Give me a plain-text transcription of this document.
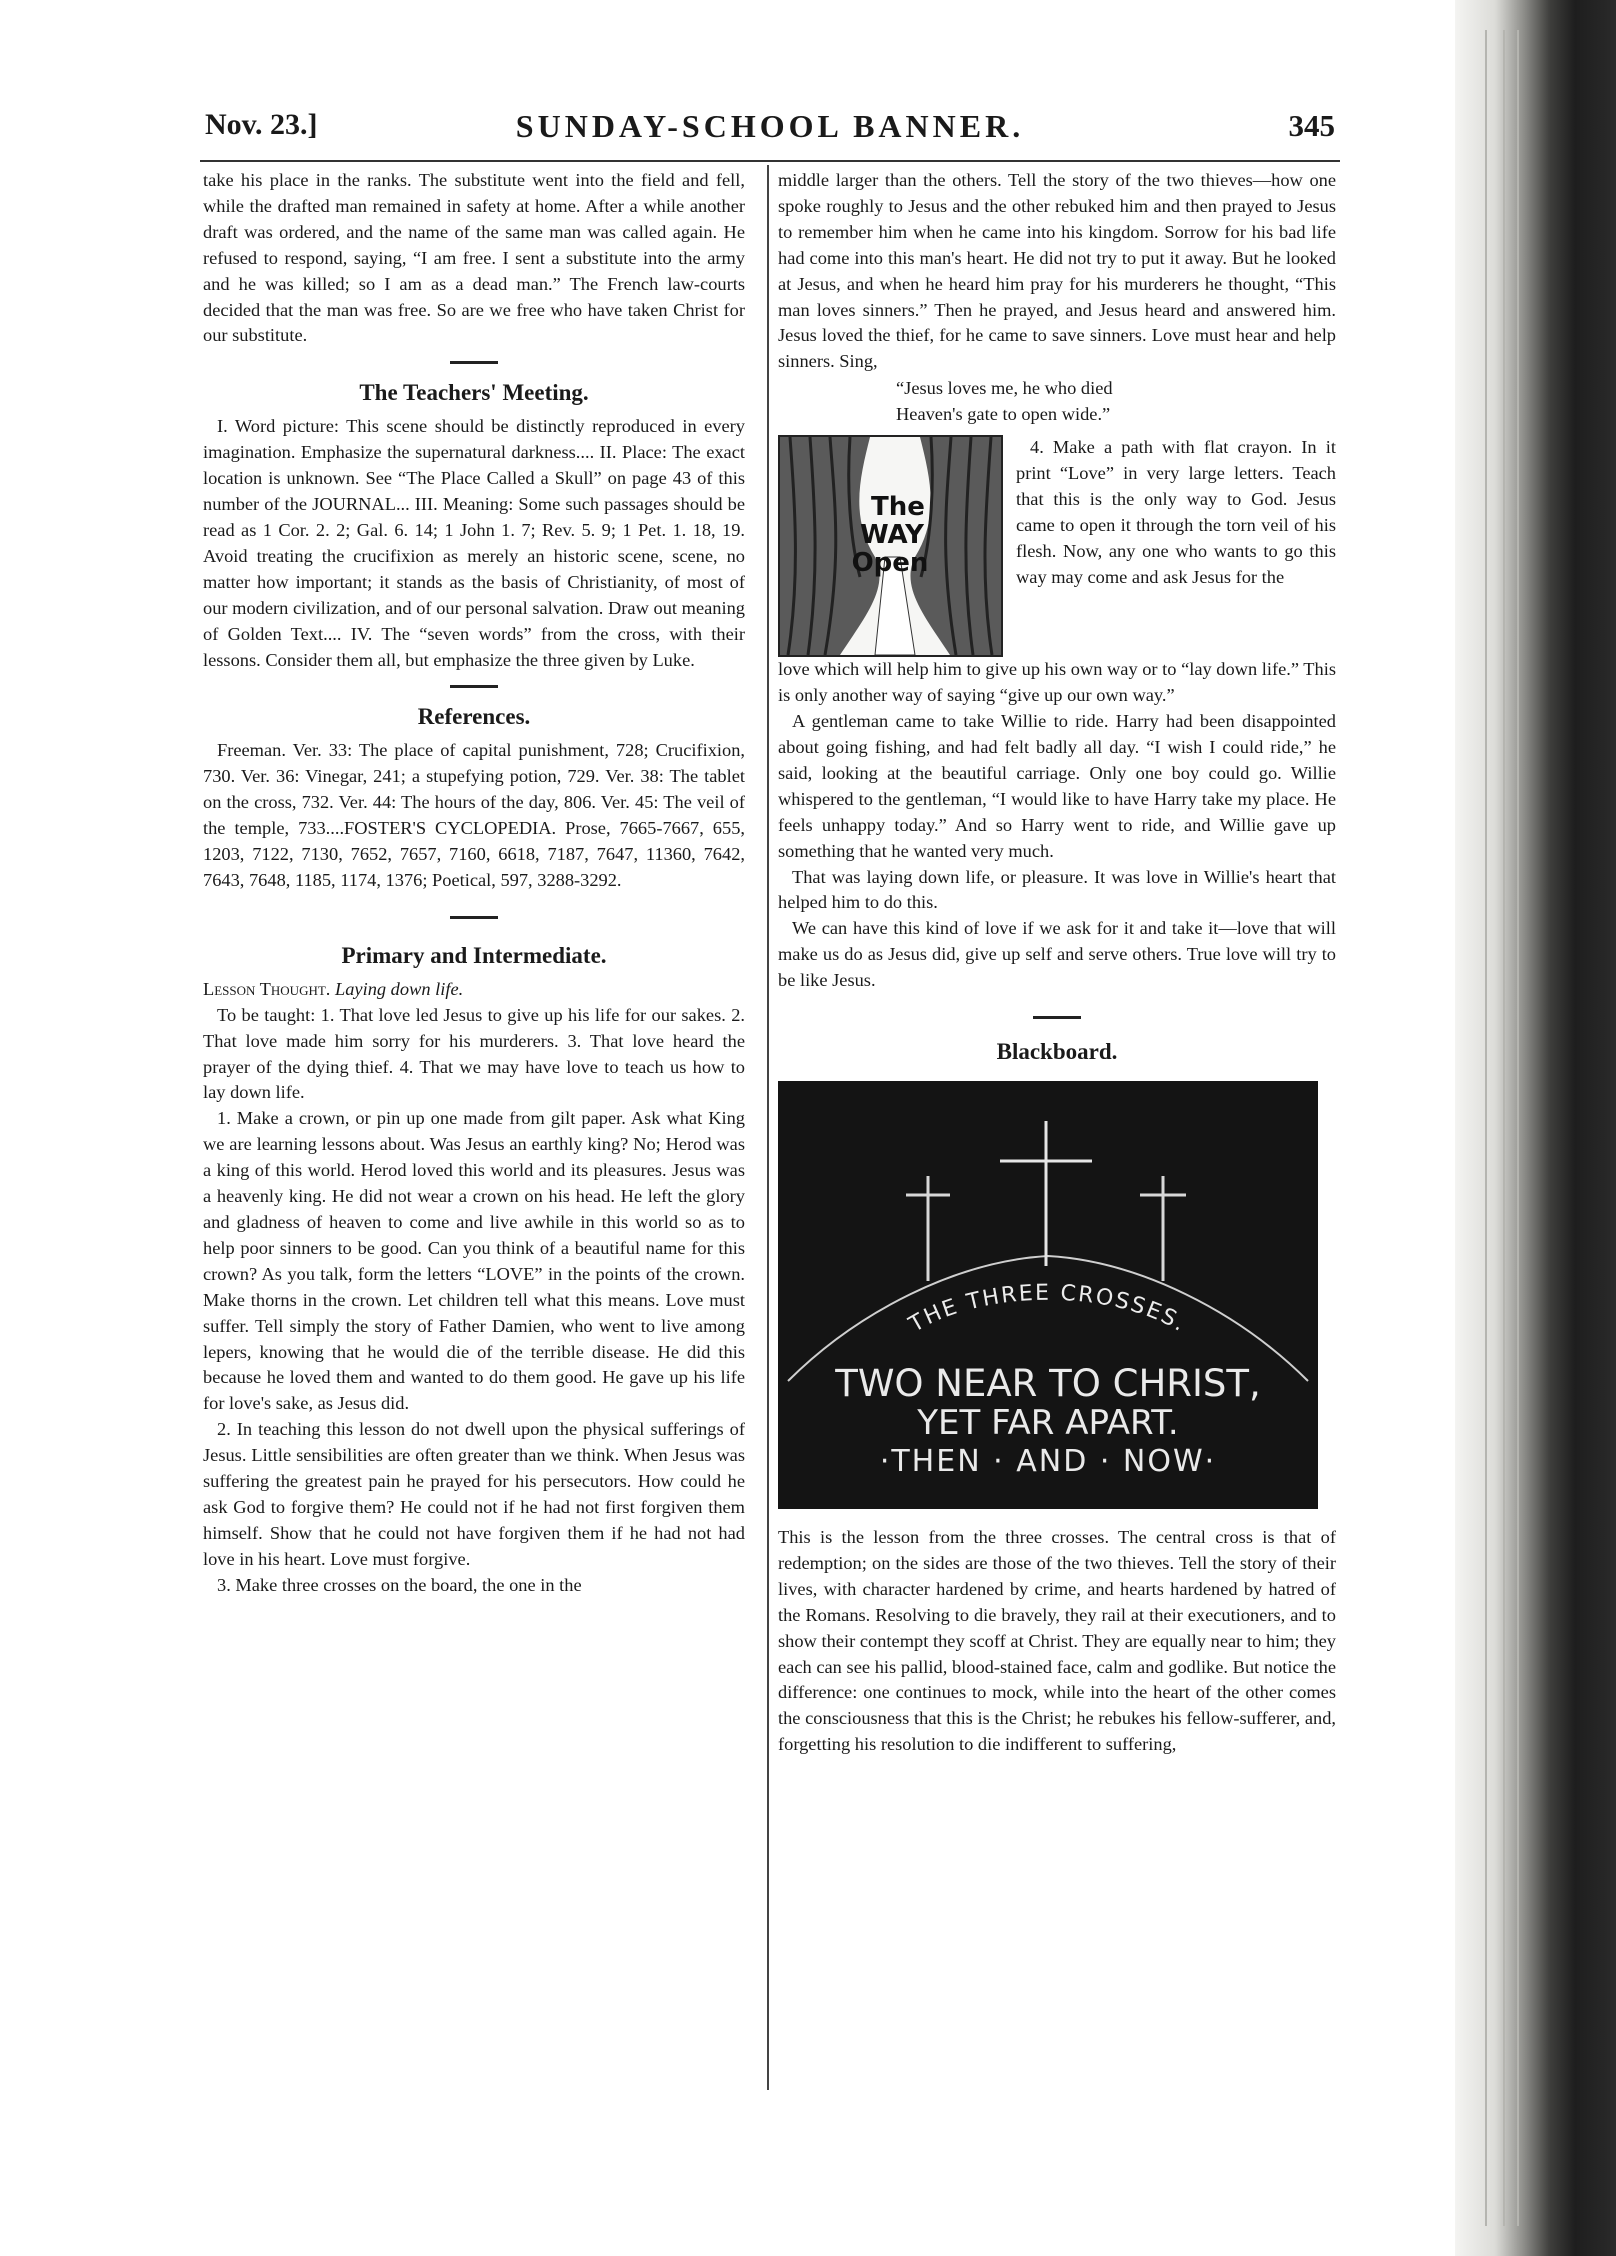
Nov. 23.]	SUNDAY-SCHOOL BANNER.	345

take his place in the ranks. The substitute went into the field and fell, while the drafted man remained in safety at home. After a while another draft was ordered, and the name of the same man was called again. He refused to respond, saying, “I am free. I sent a substitute into the army and he was killed; so I am as a dead man.” The French law-courts decided that the man was free. So are we free who have taken Christ for our substitute.

The Teachers' Meeting.

I. Word picture: This scene should be distinctly reproduced in every imagination. Emphasize the supernatural darkness.... II. Place: The exact location is unknown. See “The Place Called a Skull” on page 4​3 of this number of the JOURNAL... III. Meaning: Some such passages should be read as 1 Cor. 2. 2; Gal. 6. 14; 1 John 1. 7; Rev. 5. 9; 1 Pet. 1. 18, 19. Avoid treating the crucifixion as merely an historic scene, scene, no matter how important; it stands as the basis of Christianity, of most of our modern civilization, and of our personal salvation. Draw out meaning of Golden Text.... IV. The “seven words” from the cross, with their lessons. Consider them all, but emphasize the three given by Luke.

References.

Freeman. Ver. 33: The place of capital punishment, 728; Crucifixion, 730. Ver. 36: Vinegar, 241; a stupefying potion, 729. Ver. 38: The tablet on the cross, 732. Ver. 44: The hours of the day, 806. Ver. 45: The veil of the temple, 733....FOSTER'S CYCLOPEDIA. Prose, 7665-7667, 655, 1203, 7122, 7130, 7652, 7657, 7160, 6618, 7187, 7647, 11360, 7642, 7643, 7648, 1185, 1174, 1376; Poetical, 597, 3288-3292.

Primary and Intermediate.

Lesson Thought. Laying down life.

To be taught: 1. That love led Jesus to give up his life for our sakes. 2. That love made him sorry for his murderers. 3. That love heard the prayer of the dying thief. 4. That we may have love to teach us how to lay down life.

1. Make a crown, or pin up one made from gilt paper. Ask what King we are learning lessons about. Was Jesus an earthly king? No; Herod was a king of this world. Herod loved this world and its pleasures. Jesus was a heavenly king. He did not wear a crown on his head. He left the glory and gladness of heaven to come and live awhile in this world so as to help poor sinners to be good. Can you think of a beautiful name for this crown? As you talk, form the letters “LOVE” in the points of the crown. Make thorns in the crown. Let children tell what this means. Love must suffer. Tell simply the story of Father Damien, who went to live among lepers, knowing that he would die of the terrible disease. He did this because he loved them and wanted to do them good. He gave up his life for love's sake, as Jesus did.

2. In teaching this lesson do not dwell upon the physical sufferings of Jesus. Little sensibilities are often greater than we think. When Jesus was suffering the greatest pain he prayed for his persecutors. How could he ask God to forgive them? He could not if he had not first forgiven them himself. Show that he could not have forgiven them if he had not had love in his heart. Love must forgive.

3. Make three crosses on the board, the one in the

middle larger than the others. Tell the story of the two thieves—how one spoke roughly to Jesus and the other rebuked him and then prayed to Jesus to remember him when he came into his kingdom. Sorrow for his bad life had come into this man's heart. He did not try to put it away. But he looked at Jesus, and when he heard him pray for his murderers he thought, “This man loves sinners.” Then he prayed, and Jesus heard and answered him. Jesus loved the thief, for he came to save sinners. Love must hear and help sinners. Sing,

“Jesus loves me, he who died
Heaven's gate to open wide.”
The
WAY
Open

4. Make a path with flat crayon. In it print “Love” in very large letters. Teach that this is the only way to God. Jesus came to open it through the torn veil of his flesh. Now, any one who wants to go this way may come and ask Jesus for the

love which will help him to give up his own way or to “lay down life.” This is only another way of saying “give up our own way.”

A gentleman came to take Willie to ride. Harry had been disappointed about going fishing, and had felt badly all day. “I wish I could ride,” he said, looking at the beautiful carriage. Only one boy could go. Willie whispered to the gentleman, “I would like to have Harry take my place. He feels unhappy today.” And so Harry went to ride, and Willie gave up something that he wanted very much.

That was laying down life, or pleasure. It was love in Willie's heart that helped him to do this.

We can have this kind of love if we ask for it and take it—love that will make us do as Jesus did, give up self and serve others. True love will try to be like Jesus.

Blackboard.
THE THREE CROSSES.
TWO NEAR TO CHRIST,
YET FAR APART.
·THEN · AND · NOW·

This is the lesson from the three crosses. The central cross is that of redemption; on the sides are those of the two thieves. Tell the story of their lives, with character hardened by crime, and hearts hardened by hatred of the Romans. Resolving to die bravely, they rail at their executioners, and to show their contempt they scoff at Christ. They are equally near to him; they each can see his pallid, blood-stained face, calm and godlike. But notice the difference: one continues to mock, while into the heart of the other comes the consciousness that this is the Christ; he rebukes his fellow-sufferer, and, forgetting his resolution to die indifferent to suffering,
